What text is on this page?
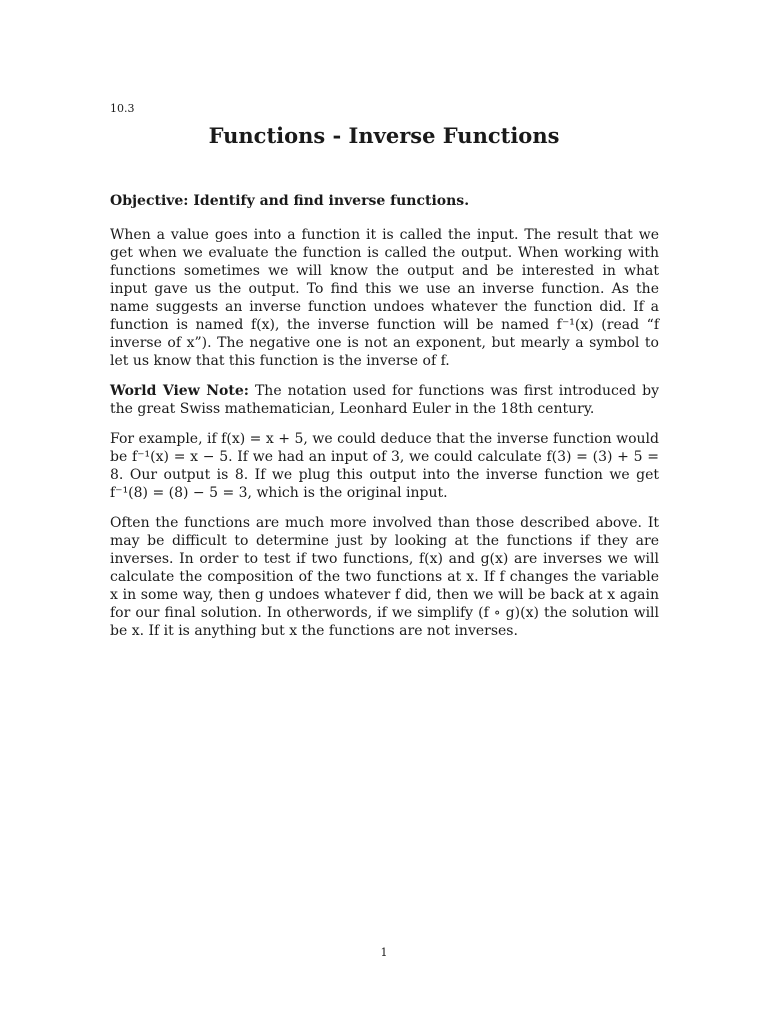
10.3
Functions - Inverse Functions

Objective: Identify and find inverse functions.

When a value goes into a function it is called the input. The result that we get when we evaluate the function is called the output. When working with functions sometimes we will know the output and be interested in what input gave us the output. To find this we use an inverse function. As the name suggests an inverse function undoes whatever the function did. If a function is named f(x), the inverse function will be named f⁻¹(x) (read “f inverse of x”). The negative one is not an exponent, but mearly a symbol to let us know that this function is the inverse of f.

World View Note: The notation used for functions was first introduced by the great Swiss mathematician, Leonhard Euler in the 18th century.

For example, if f(x) = x + 5, we could deduce that the inverse function would be f⁻¹(x) = x − 5. If we had an input of 3, we could calculate f(3) = (3) + 5 = 8. Our output is 8. If we plug this output into the inverse function we get f⁻¹(8) = (8) − 5 = 3, which is the original input.

Often the functions are much more involved than those described above. It may be difficult to determine just by looking at the functions if they are inverses. In order to test if two functions, f(x) and g(x) are inverses we will calculate the composition of the two functions at x. If f changes the variable x in some way, then g undoes whatever f did, then we will be back at x again for our final solution. In otherwords, if we simplify (f ∘ g)(x) the solution will be x. If it is anything but x the functions are not inverses.

1
